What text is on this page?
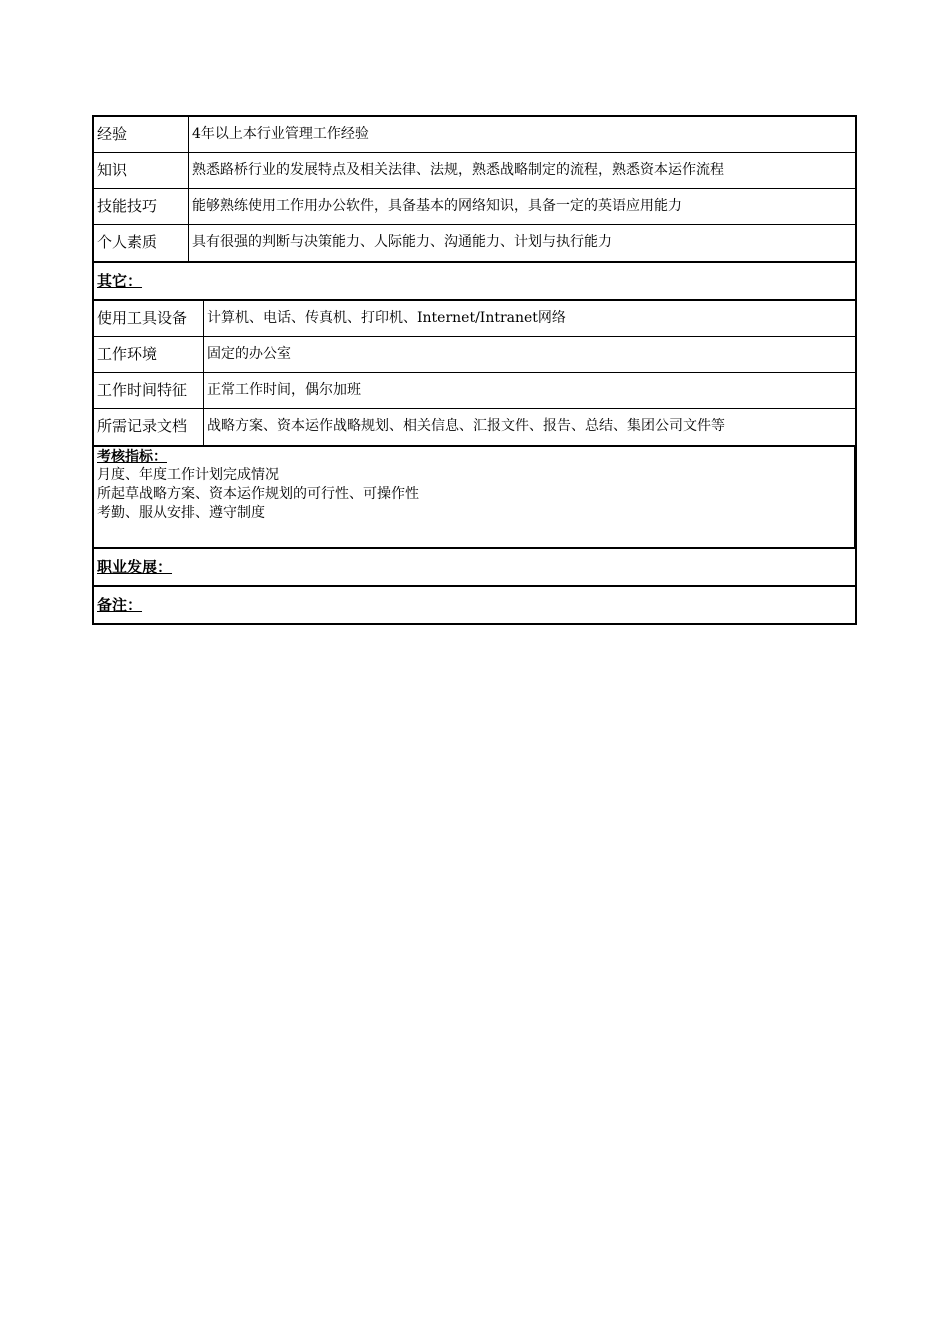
经验	4年以上本行业管理工作经验
知识	熟悉路桥行业的发展特点及相关法律、法规，熟悉战略制定的流程，熟悉资本运作流程
技能技巧	能够熟练使用工作用办公软件，具备基本的网络知识，具备一定的英语应用能力
个人素质	具有很强的判断与决策能力、人际能力、沟通能力、计划与执行能力
其它：
使用工具设备	计算机、电话、传真机、打印机、Internet/Intranet网络
工作环境	固定的办公室
工作时间特征	正常工作时间，偶尔加班
所需记录文档	战略方案、资本运作战略规划、相关信息、汇报文件、报告、总结、集团公司文件等
考核指标：
月度、年度工作计划完成情况
所起草战略方案、资本运作规划的可行性、可操作性
考勤、服从安排、遵守制度
职业发展：
备注：
